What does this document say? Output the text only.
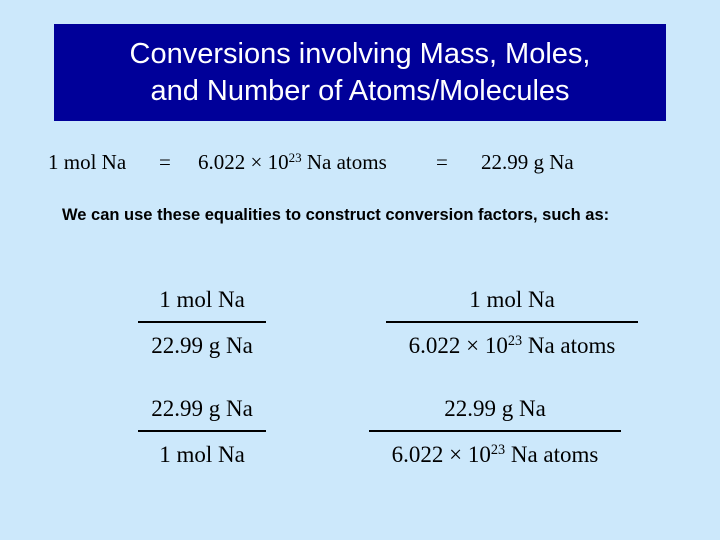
Conversions involving Mass, Moles,
and Number of Atoms/Molecules
1 mol $Na = 6.022 \times 10^{23}$ Na atoms = 22.99 g Na
We can use these equalities to construct conversion factors, such as:
1 mol Na
22.99 g Na
1 mol Na
$6.022 \times 10^{23}$ Na atoms
22.99 g Na
1 mol Na
22.99 g Na
$6.022 \times 10^{23}$ Na atoms
